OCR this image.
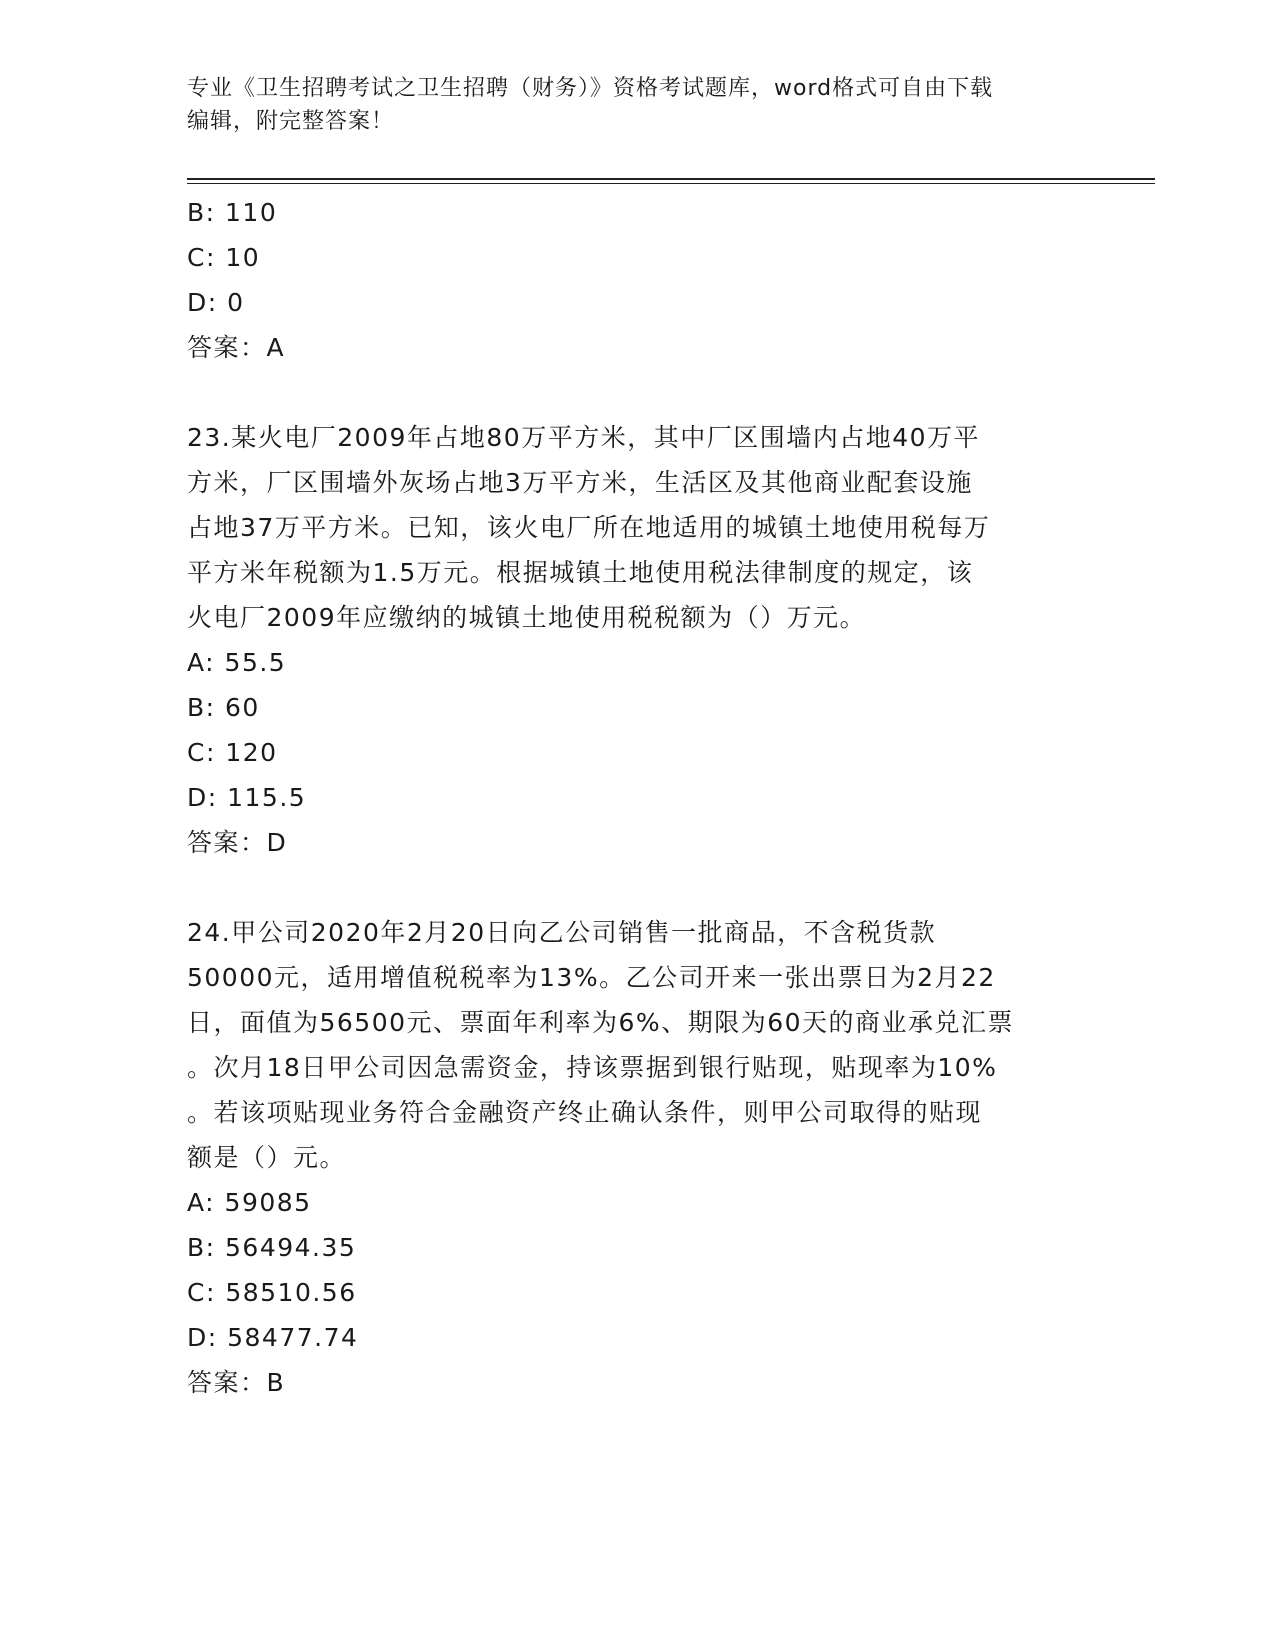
专业《卫生招聘考试之卫生招聘（财务）》资格考试题库，word格式可自由下载
编辑，附完整答案！
B: 110
C: 10
D: 0
答案：A
23.某火电厂2009年占地80万平方米，其中厂区围墙内占地40万平
方米，厂区围墙外灰场占地3万平方米，生活区及其他商业配套设施
占地37万平方米。已知，该火电厂所在地适用的城镇土地使用税每万
平方米年税额为1.5万元。根据城镇土地使用税法律制度的规定，该
火电厂2009年应缴纳的城镇土地使用税税额为（）万元。
A: 55.5
B: 60
C: 120
D: 115.5
答案：D
24.甲公司2020年2月20日向乙公司销售一批商品，不含税货款
50000元，适用增值税税率为13%。乙公司开来一张出票日为2月22
日，面值为56500元、票面年利率为6%、期限为60天的商业承兑汇票
。次月18日甲公司因急需资金，持该票据到银行贴现，贴现率为10%
。若该项贴现业务符合金融资产终止确认条件，则甲公司取得的贴现
额是（）元。
A: 59085
B: 56494.35
C: 58510.56
D: 58477.74
答案：B
